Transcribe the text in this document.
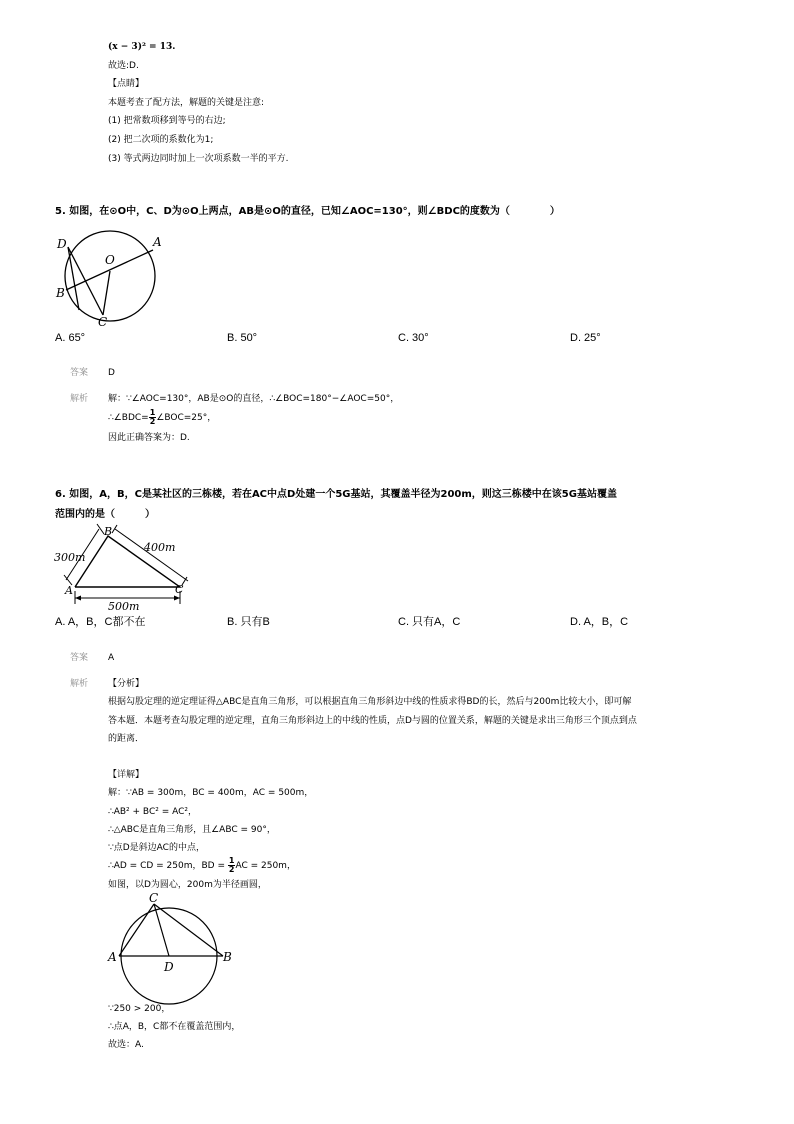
(x − 3)² = 13.
故选:D.
【点睛】
本题考查了配方法，解题的关键是注意:
(1) 把常数项移到等号的右边;
(2) 把二次项的系数化为1;
(3) 等式两边同时加上一次项系数一半的平方.
5. 如图，在⊙O中，C、D为⊙O上两点，AB是⊙O的直径，已知∠AOC=130°，则∠BDC的度数为（　　　　）
D	A
O
B
C
A. 65°	B. 50°	C. 30°	D. 25°
答案 D
解析 解：∵∠AOC=130°，AB是⊙O的直径，∴∠BOC=180°−∠AOC=50°，
∴∠BDC= $\frac{1}{2}$ ∠BOC=25°，
因此正确答案为：D.
6. 如图，A，B，C是某社区的三栋楼，若在AC中点D处建一个5G基站，其覆盖半径为200m，则这三栋楼中在该5G基站覆盖
范围内的是（　　　）
B
A	C
300m
400m
500m
A. A，B，C都不在	B. 只有B	C. 只有A，C	D. A，B，C
答案 A
解析 【分析】
根据勾股定理的逆定理证得△ABC是直角三角形，可以根据直角三角形斜边中线的性质求得BD的长，然后与200m比较大小，即可解
答本题．本题考查勾股定理的逆定理，直角三角形斜边上的中线的性质，点D与圆的位置关系，解题的关键是求出三角形三个顶点到点
的距离．
【详解】
解：∵AB = 300m，BC = 400m，AC = 500m，
∴AB² + BC² = AC²，
∴△ABC是直角三角形，且∠ABC = 90°，
∵点D是斜边AC的中点，
∴AD = CD = 250m，BD = $\frac{1}{2}$ AC = 250m，
如图，以D为圆心，200m为半径画圆，
C
A	B
D
∵250 > 200，
∴点A，B，C都不在覆盖范围内，
故选：A.
